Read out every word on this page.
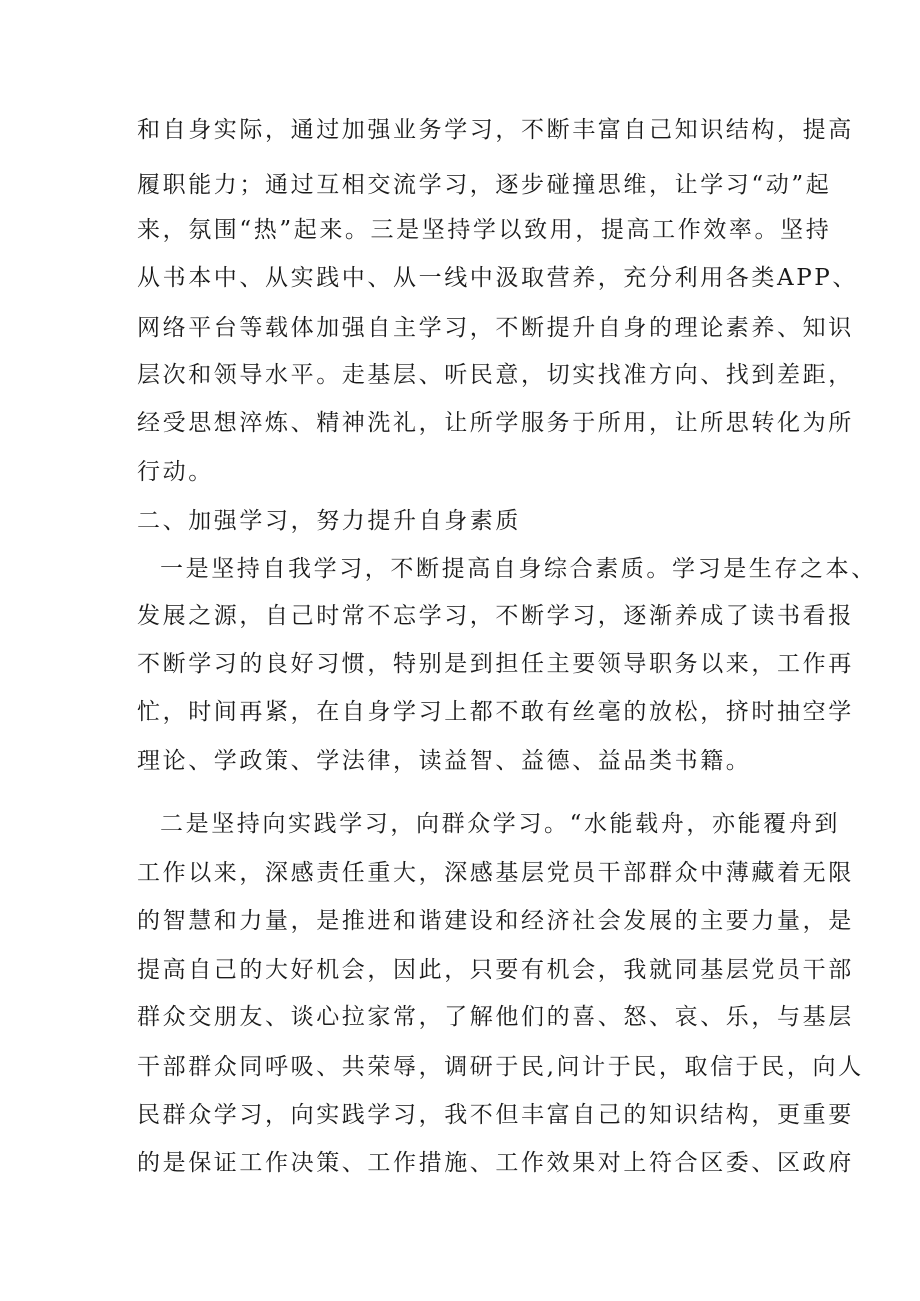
和自身实际，通过加强业务学习，不断丰富自己知识结构，提高
履职能力；通过互相交流学习，逐步碰撞思维，让学习“动”起
来，氛围“热”起来。三是坚持学以致用，提高工作效率。坚持
从书本中、从实践中、从一线中汲取营养，充分利用各类APP、
网络平台等载体加强自主学习，不断提升自身的理论素养、知识
层次和领导水平。走基层、听民意，切实找准方向、找到差距，
经受思想淬炼、精神洗礼，让所学服务于所用，让所思转化为所
行动。
二、加强学习，努力提升自身素质
一是坚持自我学习，不断提高自身综合素质。学习是生存之本、
发展之源，自己时常不忘学习，不断学习，逐渐养成了读书看报
不断学习的良好习惯，特别是到担任主要领导职务以来，工作再
忙，时间再紧，在自身学习上都不敢有丝毫的放松，挤时抽空学
理论、学政策、学法律，读益智、益德、益品类书籍。
二是坚持向实践学习，向群众学习。“水能载舟，亦能覆舟到
工作以来，深感责任重大，深感基层党员干部群众中薄藏着无限
的智慧和力量，是推进和谐建设和经济社会发展的主要力量，是
提高自己的大好机会，因此，只要有机会，我就同基层党员干部
群众交朋友、谈心拉家常，了解他们的喜、怒、哀、乐，与基层
干部群众同呼吸、共荣辱，调研于民,问计于民，取信于民，向人
民群众学习，向实践学习，我不但丰富自己的知识结构，更重要
的是保证工作决策、工作措施、工作效果对上符合区委、区政府
